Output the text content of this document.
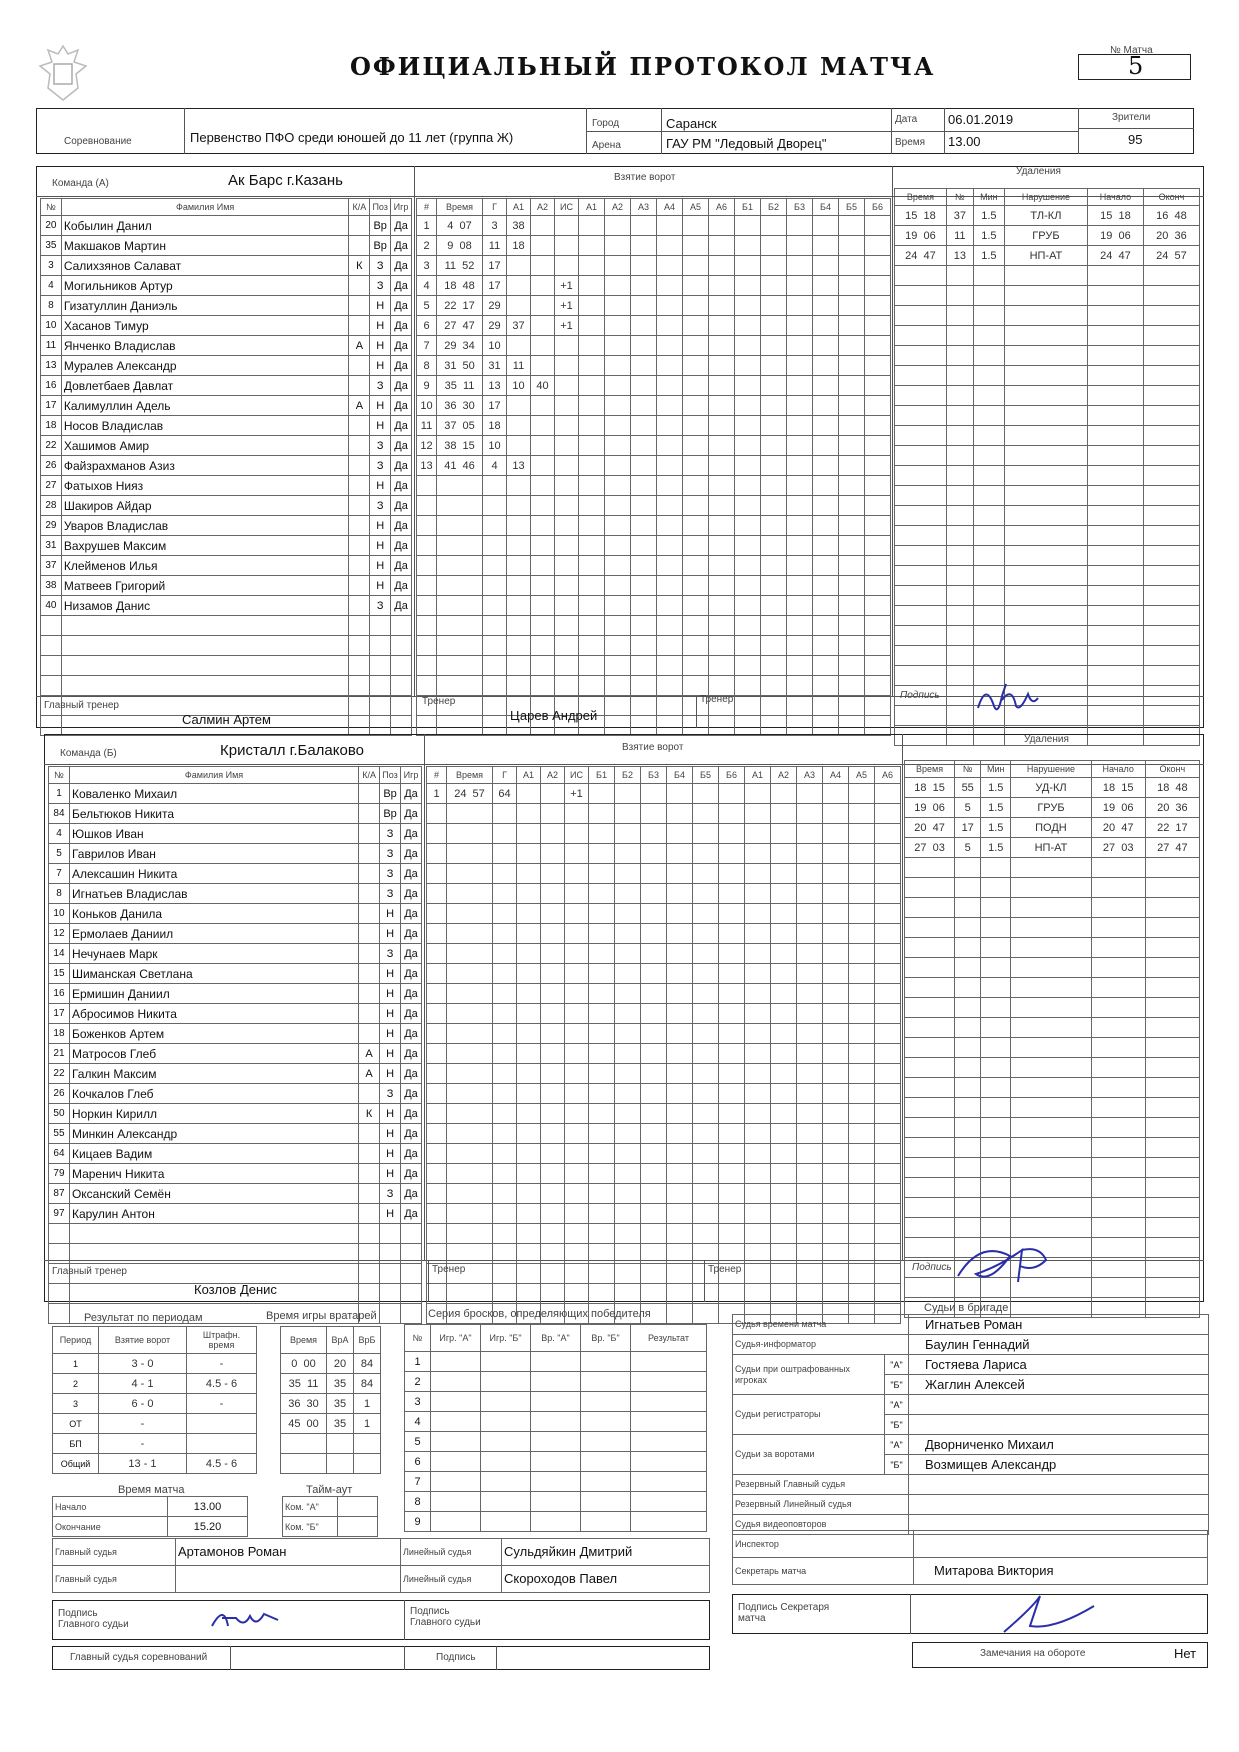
ОФИЦИАЛЬНЫЙ ПРОТОКОЛ МАТЧА
№ Матча
5
Соревнование	Первенство ПФО среди юношей до 11 лет (группа Ж)
Город	Саранск
Арена	ГАУ РМ "Ледовый Дворец"
Дата 06.01.2019
Время 13.00
Зрители
95
Команда (А)	Ак Барс г.Казань	Взятие ворот
Удаления
№	Фамилия Имя	К/А	Поз	Игр
20	Кобылин Данил		Вр	Да
35	Макшаков Мартин		Вр	Да
3	Салихзянов Салават	К	З	Да
4	Могильников Артур		З	Да
8	Гизатуллин Даниэль		Н	Да
10	Хасанов Тимур		Н	Да
11	Янченко Владислав	А	Н	Да
13	Муралев Александр		Н	Да
16	Довлетбаев Давлат		З	Да
17	Калимуллин Адель	А	Н	Да
18	Носов Владислав		Н	Да
22	Хашимов Амир		З	Да
26	Файзрахманов Азиз		З	Да
27	Фатыхов Нияз		Н	Да
28	Шакиров Айдар		З	Да
29	Уваров Владислав		Н	Да
31	Вахрушев Максим		Н	Да
37	Клейменов Илья		Н	Да
38	Матвеев Григорий		Н	Да
40	Низамов Данис		З	Да

#	Время	Г	А1	А2	ИС	А1	А2	А3	А4	А5	А6	Б1	Б2	Б3	Б4	Б5	Б6
1	4  07	3	38														
2	9  08	11	18														
3	11  52	17															
4	18  48	17			+1												
5	22  17	29			+1												
6	27  47	29	37		+1												
7	29  34	10															
8	31  50	31	11														
9	35  11	13	10	40													
10	36  30	17															
11	37  05	18															
12	38  15	10															
13	41  46	4	13														

Время	№	Мин	Нарушение	Начало	Оконч
15  18	37	1.5	ТЛ-КЛ	15  18	16  48
19  06	11	1.5	ГРУБ	19  06	20  36
24  47	13	1.5	НП-АТ	24  47	24  57

Главный тренер
Салмин Артем
Тренер
Царев Андрей
Тренер	Подпись
Команда (Б)	Кристалл г.Балаково	Взятие ворот
Удаления
№	Фамилия Имя	К/А	Поз	Игр
1	Коваленко Михаил		Вр	Да
84	Бельтюков Никита		Вр	Да
4	Юшков Иван		З	Да
5	Гаврилов Иван		З	Да
7	Алексашин Никита		З	Да
8	Игнатьев Владислав		З	Да
10	Коньков Данила		Н	Да
12	Ермолаев Даниил		Н	Да
14	Нечунаев Марк		З	Да
15	Шиманская Светлана		Н	Да
16	Ермишин Даниил		Н	Да
17	Абросимов Никита		Н	Да
18	Боженков Артем		Н	Да
21	Матросов Глеб	А	Н	Да
22	Галкин Максим	А	Н	Да
26	Кочкалов Глеб		З	Да
50	Норкин Кирилл	К	Н	Да
55	Минкин Александр		Н	Да
64	Кицаев Вадим		Н	Да
79	Маренич Никита		Н	Да
87	Оксанский Семён		З	Да
97	Карулин Антон		Н	Да

#	Время	Г	А1	А2	ИС	Б1	Б2	Б3	Б4	Б5	Б6	А1	А2	А3	А4	А5	А6
1	24  57	64			+1												

Время	№	Мин	Нарушение	Начало	Оконч
18  15	55	1.5	УД-КЛ	18  15	18  48
19  06	5	1.5	ГРУБ	19  06	20  36
20  47	17	1.5	ПОДН	20  47	22  17
27  03	5	1.5	НП-АТ	27  03	27  47

Главный тренер
Козлов Денис
Тренер	Тренер	Подпись
Результат по периодам
Период	Взятие ворот	Штрафн. время
1	3 - 0	-
2	4 - 1	4.5 - 6
3	6 - 0	-
ОТ	-	
БП	-	
Общий	13 - 1	4.5 - 6
Время игры вратарей
Время	ВрА	ВрБ
0  00	20	84
35  11	35	84
36  30	35	1
45  00	35	1

Серия бросков, определяющих победителя
№	Игр. "А"	Игр. "Б"	Вр. "А"	Вр. "Б"	Результат
1					
2					
3					
4					
5					
6					
7					
8					
9					
Время матча
Начало	13.00
Окончание	15.20
Тайм-аут
Ком. "А"	
Ком. "Б"	
Судьи в бригаде
Судья времени матча		Игнатьев Роман
Судья-информатор		Баулин Геннадий
Судьи при оштрафованных игроках	"А"	Гостяева Лариса
	"Б"	Жаглин Алексей
Судьи регистраторы	"А"	
	"Б"	
Судьи за воротами	"А"	Дворниченко Михаил
	"Б"	Возмищев Александр
Резервный Главный судья		
Резервный Линейный судья		
Судья видеоповторов		
Инспектор	
Секретарь матча	Митарова Виктория
Подпись Секретаря матча
Замечания на обороте	Нет
Главный судья	Артамонов Роман	Линейный судья	Сульдяйкин Дмитрий
Главный судья		Линейный судья	Скороходов Павел
Подпись Главного судьи
Подпись Главного судьи
Главный судья соревнований	Подпись
